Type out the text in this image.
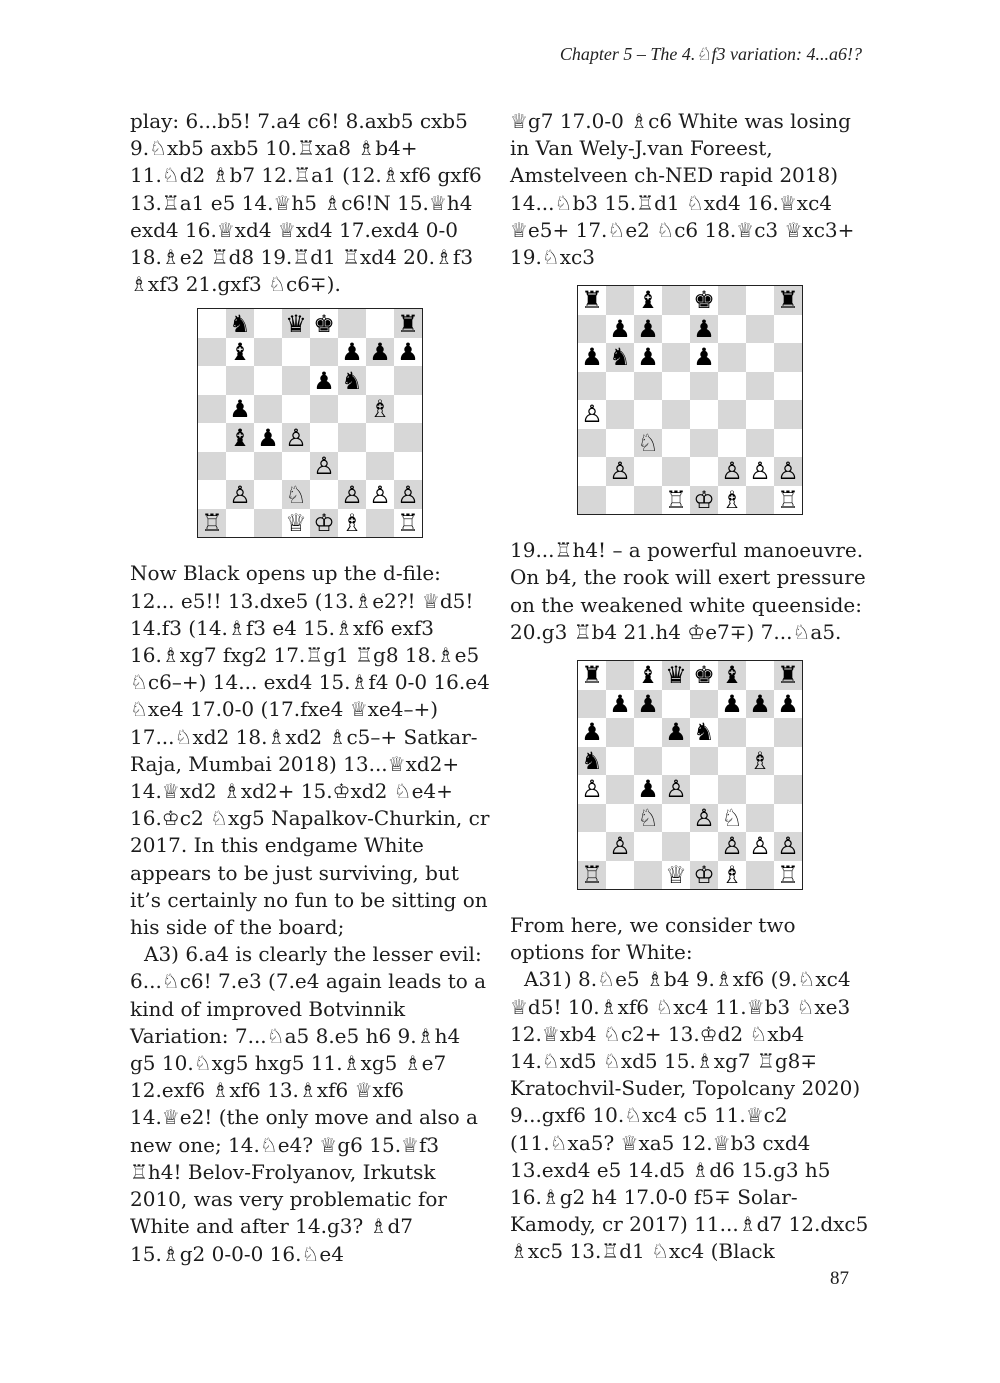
Chapter 5 – The 4.♘f3 variation: 4...a6!?

play: 6...b5! 7.a4 c6! 8.axb5 cxb5 9.♘xb5 axb5 10.♖xa8 ♗b4+ 11.♘d2 ♗b7 12.♖a1 (12.♗xf6 gxf6 13.♖a1 e5 14.♕h5 ♗c6!N 15.♕h4 exd4 16.♕xd4 ♕xd4 17.exd4 0-0 18.♗e2 ♖d8 19.♖d1 ♖xd4 20.♗f3 ♗xf3 21.gxf3 ♘c6∓).

♞ ♛ ♚	♜
♝	♟ ♟ ♟
♟ ♞
♟	♗
♝ ♟ ♙
♙
♙ ♘ ♙ ♙ ♙
♖	♕ ♔ ♗ ♖

Now Black opens up the d-file: 12... e5!! 13.dxe5 (13.♗e2?! ♕d5! 14.f3 (14.♗f3 e4 15.♗xf6 exf3 16.♗xg7 fxg2 17.♖g1 ♖g8 18.♗e5 ♘c6–+) 14... exd4 15.♗f4 0-0 16.e4 ♘xe4 17.0-0 (17.fxe4 ♕xe4–+) 17...♘xd2 18.♗xd2 ♗c5–+ Satkar-Raja, Mumbai 2018) 13...♕xd2+ 14.♕xd2 ♗xd2+ 15.♔xd2 ♘e4+ 16.♔c2 ♘xg5 Napalkov-Churkin, cr 2017. In this endgame White appears to be just surviving, but it’s certainly no fun to be sitting on his side of the board;

A3) 6.a4 is clearly the lesser evil: 6...♘c6! 7.e3 (7.e4 again leads to a kind of improved Botvinnik Variation: 7...♘a5 8.e5 h6 9.♗h4 g5 10.♘xg5 hxg5 11.♗xg5 ♗e7 12.exf6 ♗xf6 13.♗xf6 ♕xf6 14.♕e2! (the only move and also a new one; 14.♘e4? ♕g6 15.♕f3 ♖h4! Belov-Frolyanov, Irkutsk 2010, was very problematic for White and after 14.g3? ♗d7 15.♗g2 0-0-0 16.♘e4

♕g7 17.0-0 ♗c6 White was losing in Van Wely-J.van Foreest, Amstelveen ch-NED rapid 2018) 14...♘b3 15.♖d1 ♘xd4 16.♕xc4 ♕e5+ 17.♘e2 ♘c6 18.♕c3 ♕xc3+ 19.♘xc3

♜ ♝ ♚	♜
♟ ♟ ♟
♟ ♞ ♟ ♟
♙
♘
♙	♙ ♙ ♙
♖ ♔ ♗ ♖

19...♖h4! – a powerful manoeuvre. On b4, the rook will exert pressure on the weakened white queenside: 20.g3 ♖b4 21.h4 ♔e7∓) 7...♘a5.

♜ ♝ ♛ ♚ ♝ ♜
♟ ♟	♟ ♟ ♟
♟	♟ ♞
♞	♗
♙ ♟ ♙
♘ ♙ ♘
♙	♙ ♙ ♙
♖	♕ ♔ ♗ ♖

From here, we consider two options for White:

A31) 8.♘e5 ♗b4 9.♗xf6 (9.♘xc4 ♕d5! 10.♗xf6 ♘xc4 11.♕b3 ♘xe3 12.♕xb4 ♘c2+ 13.♔d2 ♘xb4 14.♘xd5 ♘xd5 15.♗xg7 ♖g8∓ Kratochvil-Suder, Topolcany 2020) 9...gxf6 10.♘xc4 c5 11.♕c2 (11.♘xa5? ♕xa5 12.♕b3 cxd4 13.exd4 e5 14.d5 ♗d6 15.g3 h5 16.♗g2 h4 17.0-0 f5∓ Solar-Kamody, cr 2017) 11...♗d7 12.dxc5 ♗xc5 13.♖d1 ♘xc4 (Black

87
